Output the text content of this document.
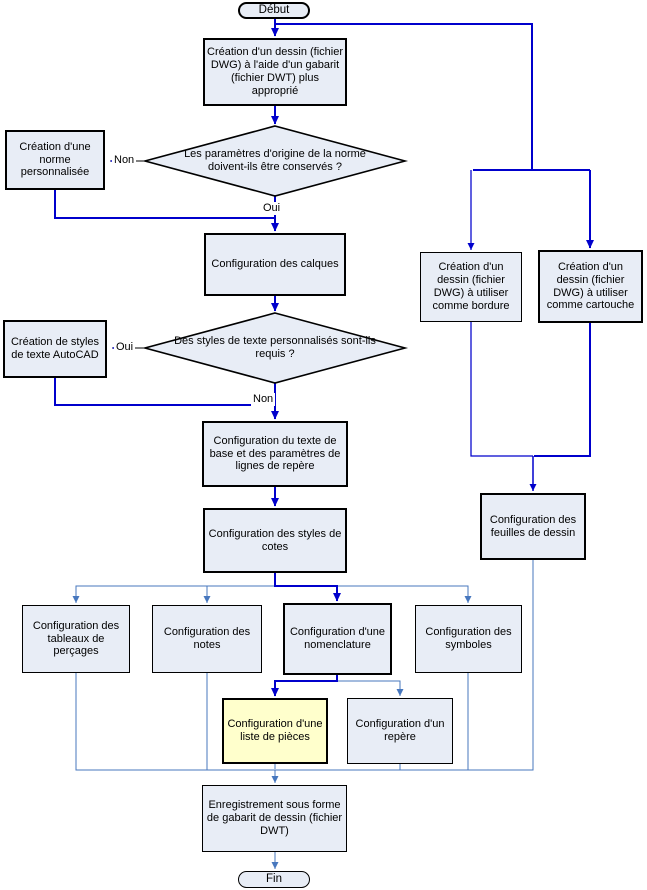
Début
Création d'un dessin (fichier DWG) à l'aide d'un gabarit (fichier DWT) plus approprié
Les paramètres d'origine de la norme doivent-ils être conservés ?
Création d'une norme personnalisée
Configuration des calques
Des styles de texte personnalisés sont-ils requis ?
Création de styles de texte AutoCAD
Configuration du texte de base et des paramètres de lignes de repère
Configuration des styles de cotes
Création d'un dessin (fichier DWG) à utiliser comme bordure
Création d'un dessin (fichier DWG) à utiliser comme cartouche
Configuration des feuilles de dessin
Configuration des tableaux de perçages
Configuration des notes
Configuration d'une nomenclature
Configuration des symboles
Configuration d'une liste de pièces
Configuration d'un repère
Enregistrement sous forme de gabarit de dessin (fichier DWT)
Fin
Non
Oui
Oui
Non
